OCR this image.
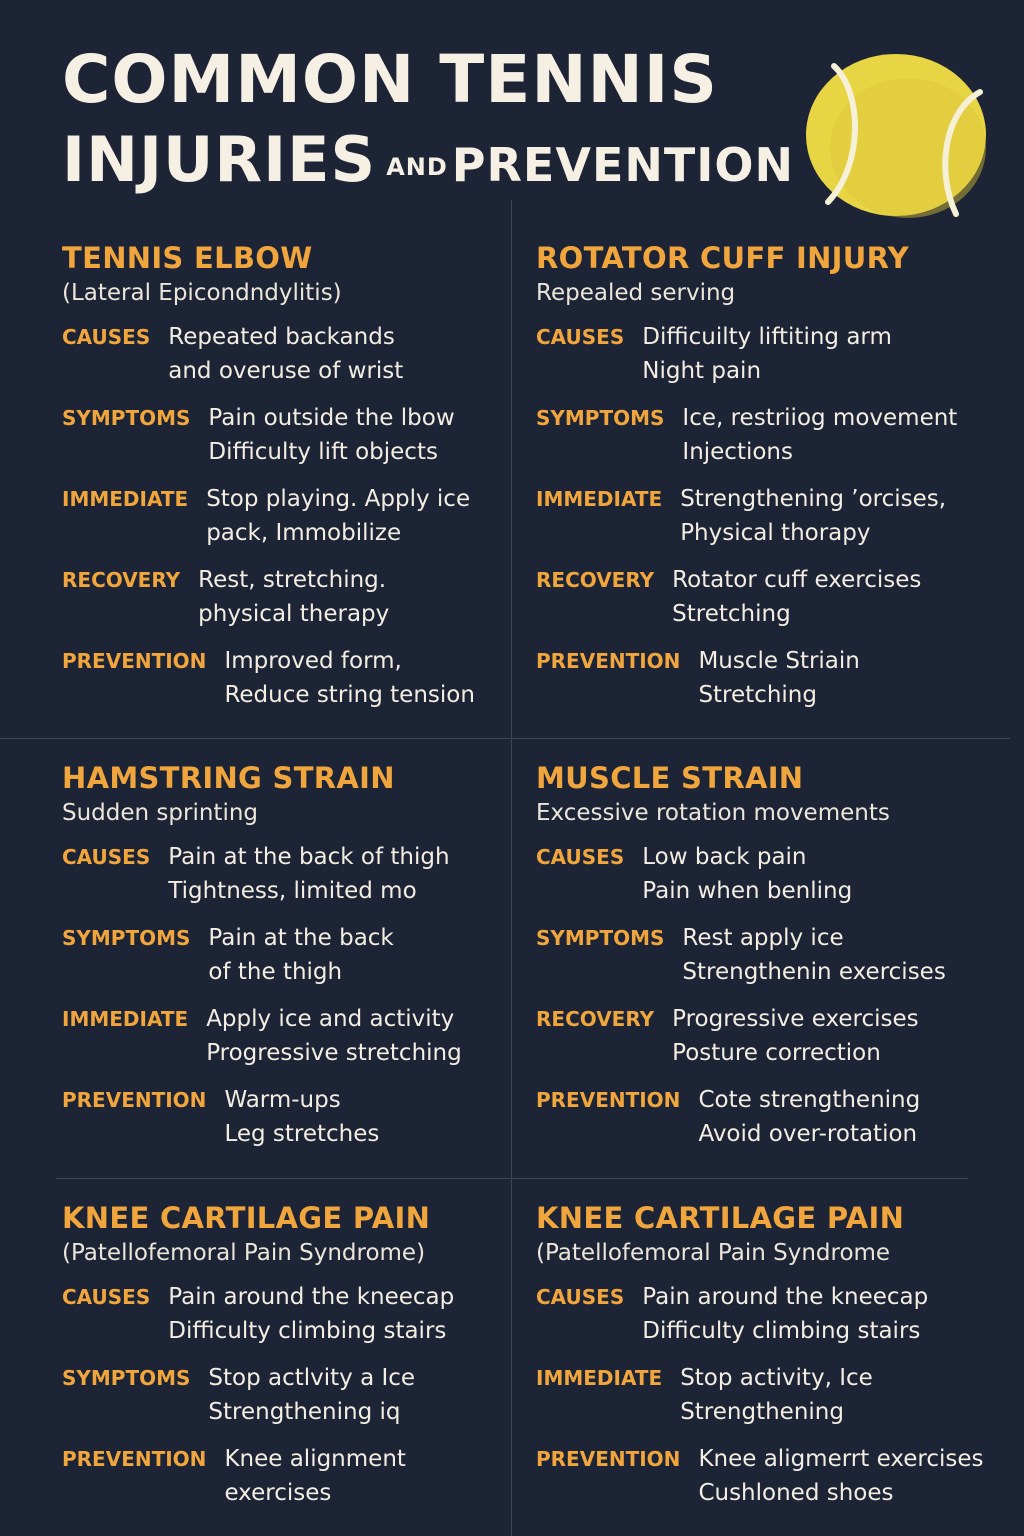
COMMON TENNIS
INJURIES ANDPREVENTION
TENNIS ELBOW
(Lateral Epicondndylitis)
CAUSES Repeated backands
and overuse of wrist
SYMPTOMS Pain outside the lbow
Difficulty lift objects
IMMEDIATE Stop playing. Apply ice
pack, Immobilize
RECOVERY Rest, stretching.
physical therapy
PREVENTION Improved form,
Reduce string tension
ROTATOR CUFF INJURY
Repealed serving
CAUSES Difficuilty liftiting arm
Night pain
SYMPTOMS Ice, restriiog movement
Injections
IMMEDIATE Strengthening ’orcises,
Physical thorapy
RECOVERY Rotator cuff exercises
Stretching
PREVENTION Muscle Striain
Stretching
HAMSTRING STRAIN
Sudden sprinting
CAUSES Pain at the back of thigh
Tightness, limited mo
SYMPTOMS Pain at the back
of the thigh
IMMEDIATE Apply ice and activity
Progressive stretching
PREVENTION Warm-ups
Leg stretches
MUSCLE STRAIN
Excessive rotation movements
CAUSES Low back pain
Pain when benling
SYMPTOMS Rest apply ice
Strengthenin exercises
RECOVERY Progressive exercises
Posture correction
PREVENTION Cote strengthening
Avoid over-rotation
KNEE CARTILAGE PAIN
(Patellofemoral Pain Syndrome)
CAUSES Pain around the kneecap
Difficulty climbing stairs
SYMPTOMS Stop actlvity a Ice
Strengthening iq
PREVENTION Knee alignment
exercises
KNEE CARTILAGE PAIN
(Patellofemoral Pain Syndrome
CAUSES Pain around the kneecap
Difficulty climbing stairs
IMMEDIATE Stop activity, Ice
Strengthening
PREVENTION Knee aligmerrt exercises
Cushloned shoes
